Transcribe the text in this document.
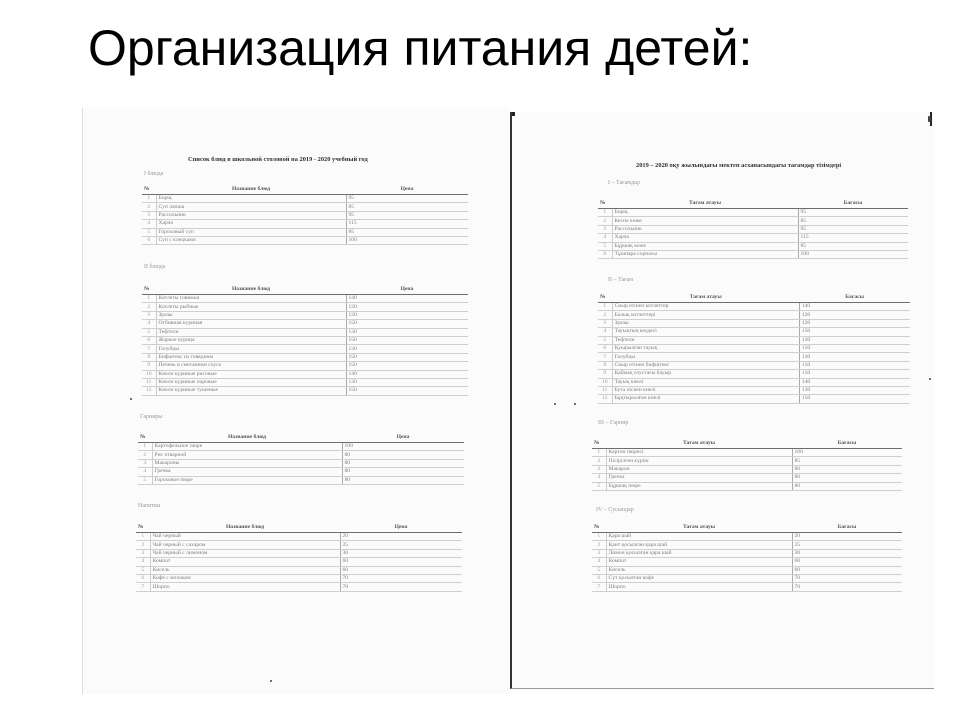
Организация питания детей:
Список блюд в школьной столовой на 2019 - 2020 учебный год
I блюда
№	Название блюд	Цена
1	Борщ	95
2	Суп лапша	85
3	Рассольник	95
4	Харчо	115
5	Гороховый суп	85
6	Суп с клецками	100
II блюда
№	Название блюд	Цена
1	Котлеты говяжьи	140
2	Котлеты рыбные	120
3	Зразы	120
4	Отбивная куриная	150
5	Тефтели	130
6	Жаркое курица	150
7	Голубцы	130
8	Бифштекс из говядины	150
9	Печень в сметанном соусе	150
10	Кнели куриные рисовые	140
11	Кнели куриные паровые	130
12	Кнели куриные тушеные	150
Гарниры
№	Название блюд	Цена
1	Картофельное пюре	100
2	Рис отварной	80
3	Макароны	80
4	Гречка	80
5	Гороховое пюре	80
Напитки
№	Название блюд	Цена
1	Чай черный	20
2	Чай черный с сахаром	25
3	Чай черный с лимоном	30
4	Компот	60
5	Кисель	60
6	Кофе с молоком	70
7	Шорпо	70
2019 – 2020 оқу жылындағы мектеп асханасындағы тағамдар тізімдері
I – Тағамдар
№	Тағам атауы	Бағасы
1	Борщ	95
2	Кеспе көже	85
3	Рассольник	95
4	Харчо	115
5	Бұршақ көже	85
6	Тұшпара сорпасы	100
II – Тағам
№	Тағам атауы	Бағасы
1	Сиыр етінен котлеттер	140
2	Балық котлеттері	120
3	Зразы	120
4	Тауықтың кеудесі	150
5	Тефтели	130
6	Қуырылған тауық	150
7	Голубцы	130
8	Сиыр етінен бифштекс	150
9	Қаймақ соустағы бауыр	150
10	Тауық кнелі	140
11	Буға піскен кнелі	130
12	Бұқтырылған кнелі	150
III – Гарнир
№	Тағам атауы	Бағасы
1	Картоп пюресі	100
2	Пісірілген күріш	85
3	Макарон	80
4	Гречка	80
5	Бұршақ пюре	80
IV – Сусындар
№	Тағам атауы	Бағасы
1	Қара шай	20
2	Қант қосылған қара шай	25
3	Лимон қосылған қара шай	30
4	Компот	60
5	Кисель	60
6	Сүт қосылған кофе	70
7	Шорпо	70
